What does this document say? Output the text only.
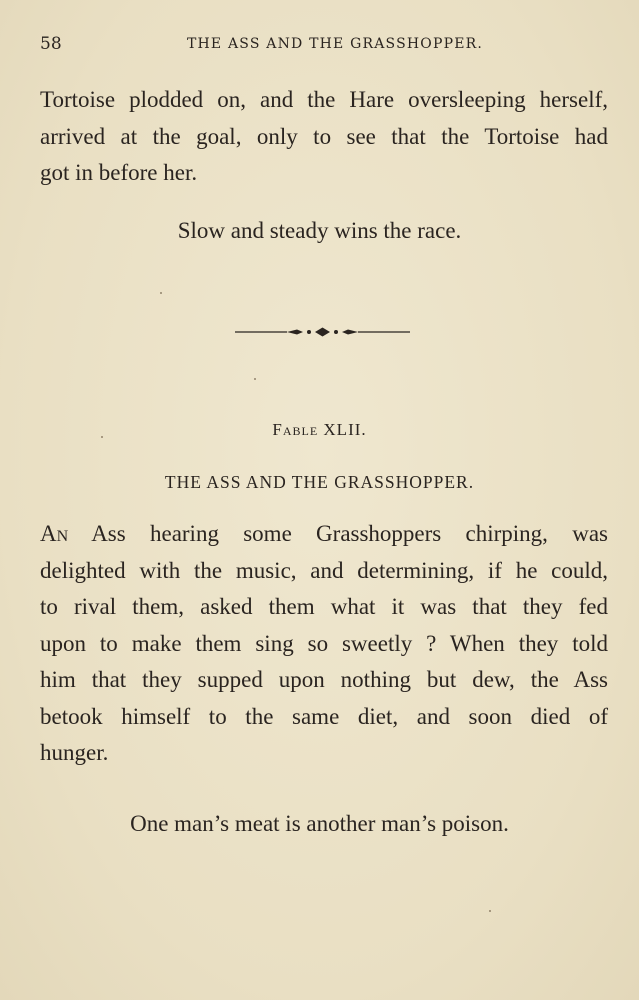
58	THE ASS AND THE GRASSHOPPER.
Tortoise plodded on, and the Hare oversleeping herself,
arrived at the goal, only to see that the Tortoise had
got in before her.

Slow and steady wins the race.

Fable XLII.
THE ASS AND THE GRASSHOPPER.
An Ass hearing some Grasshoppers chirping, was
delighted with the music, and determining, if he could,
to rival them, asked them what it was that they fed
upon to make them sing so sweetly ? When they told
him that they supped upon nothing but dew, the Ass
betook himself to the same diet, and soon died of
hunger.

One man’s meat is another man’s poison.
